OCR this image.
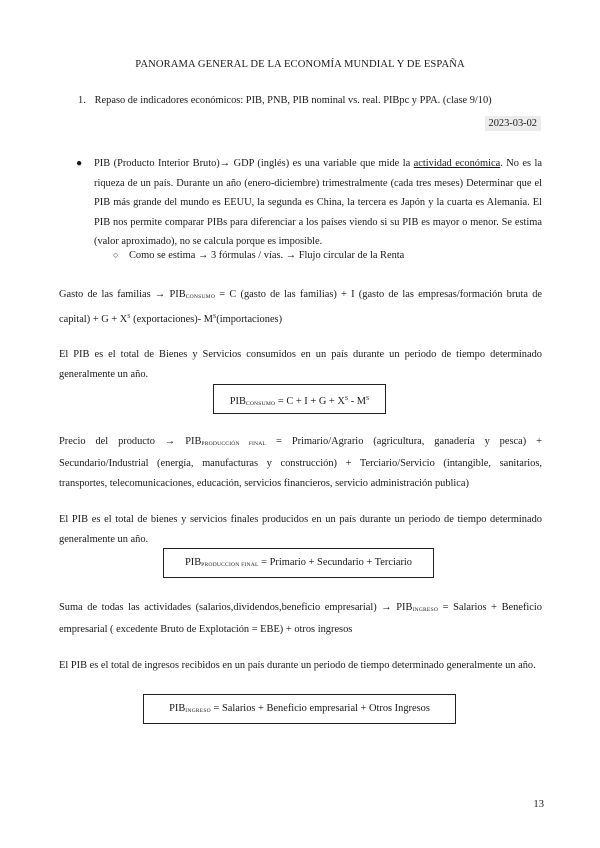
PANORAMA GENERAL DE LA ECONOMÍA MUNDIAL Y DE ESPAÑA
1. Repaso de indicadores económicos: PIB, PNB, PIB nominal vs. real. PIBpc y PPA. (clase 9/10)
2023-03-02
● PIB (Producto Interior Bruto)→ GDP (inglés) es una variable que mide la actividad económica. No es la riqueza de un país. Durante un año (enero-diciembre) trimestralmente (cada tres meses) Determinar que el PIB más grande del mundo es EEUU, la segunda es China, la tercera es Japón y la cuarta es Alemania. El PIB nos permite comparar PIBs para diferenciar a los países viendo si su PIB es mayor o menor. Se estima (valor aproximado), no se calcula porque es imposible.
○ Como se estima → 3 fórmulas / vías. → Flujo circular de la Renta
Gasto de las familias → $PIB_{CONSUMO} = C$ (gasto de las familias) + I (gasto de las empresas/formación bruta de capital) + $G + X^S$ (exportaciones)- $M^S(importaciones)$
El PIB es el total de Bienes y Servicios consumidos en un país durante un periodo de tiempo determinado generalmente un año.
$PIB_{CONSUMO} = C + I + G + X^S - M^S$
Precio del producto → $PIB_{PRODUCCIÓN FINAL}$ = Primario/Agrario (agricultura, ganadería y pesca) + Secundario/Industrial (energía, manufacturas y construcción) + Terciario/Servicio (intangible, sanitarios, transportes, telecomunicaciones, educación, servicios financieros, servicio administración publica)
El PIB es el total de bienes y servicios finales producidos en un país durante un periodo de tiempo determinado generalmente un año.
$PIB_{PRODUCCION FINAL}$ = Primario + Secundario + Terciario
Suma de todas las actividades (salarios,dividendos,beneficio empresarial) → $PIB_{INGRESO}$ = Salarios + Beneficio empresarial ( excedente Bruto de Explotación = EBE) + otros ingresos
El PIB es el total de ingresos recibidos en un país durante un periodo de tiempo determinado generalmente un año.
$PIB_{INGRESO}$ = Salarios + Beneficio empresarial + Otros Ingresos
13
